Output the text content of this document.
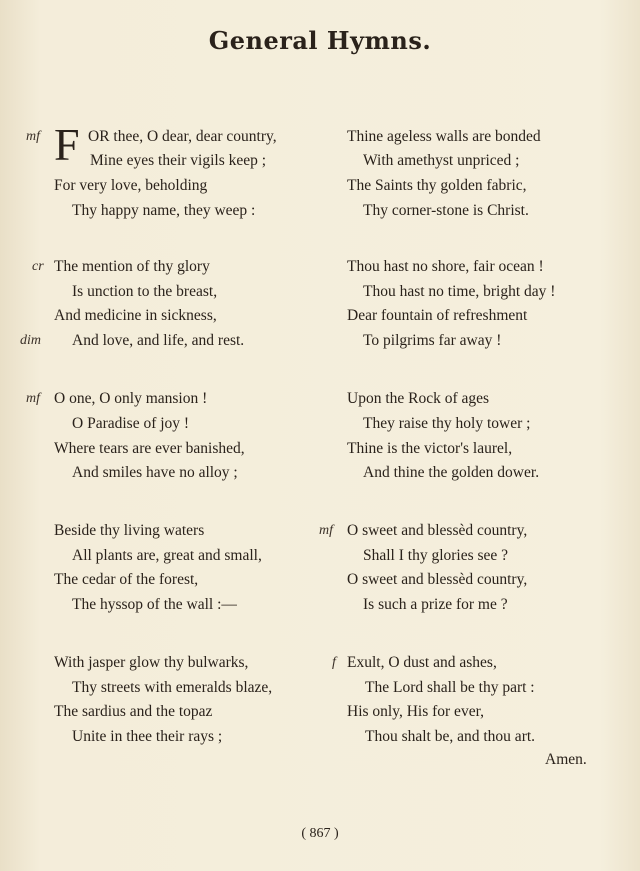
General Hymns.
mf F OR thee, O dear, dear country,
Mine eyes their vigils keep ;
For very love, beholding
Thy happy name, they weep :
cr
dim
The mention of thy glory
Is unction to the breast,
And medicine in sickness,
And love, and life, and rest.
mf O one, O only mansion !
O Paradise of joy !
Where tears are ever banished,
And smiles have no alloy ;
Beside thy living waters
All plants are, great and small,
The cedar of the forest,
The hyssop of the wall :—
With jasper glow thy bulwarks,
Thy streets with emeralds blaze,
The sardius and the topaz
Unite in thee their rays ;
Thine ageless walls are bonded
With amethyst unpriced ;
The Saints thy golden fabric,
Thy corner-stone is Christ.
Thou hast no shore, fair ocean !
Thou hast no time, bright day !
Dear fountain of refreshment
To pilgrims far away !
Upon the Rock of ages
They raise thy holy tower ;
Thine is the victor's laurel,
And thine the golden dower.
mf O sweet and blessèd country,
Shall I thy glories see ?
O sweet and blessèd country,
Is such a prize for me ?
f Exult, O dust and ashes,
The Lord shall be thy part :
His only, His for ever,
Thou shalt be, and thou art.
Amen.
( 867 )
